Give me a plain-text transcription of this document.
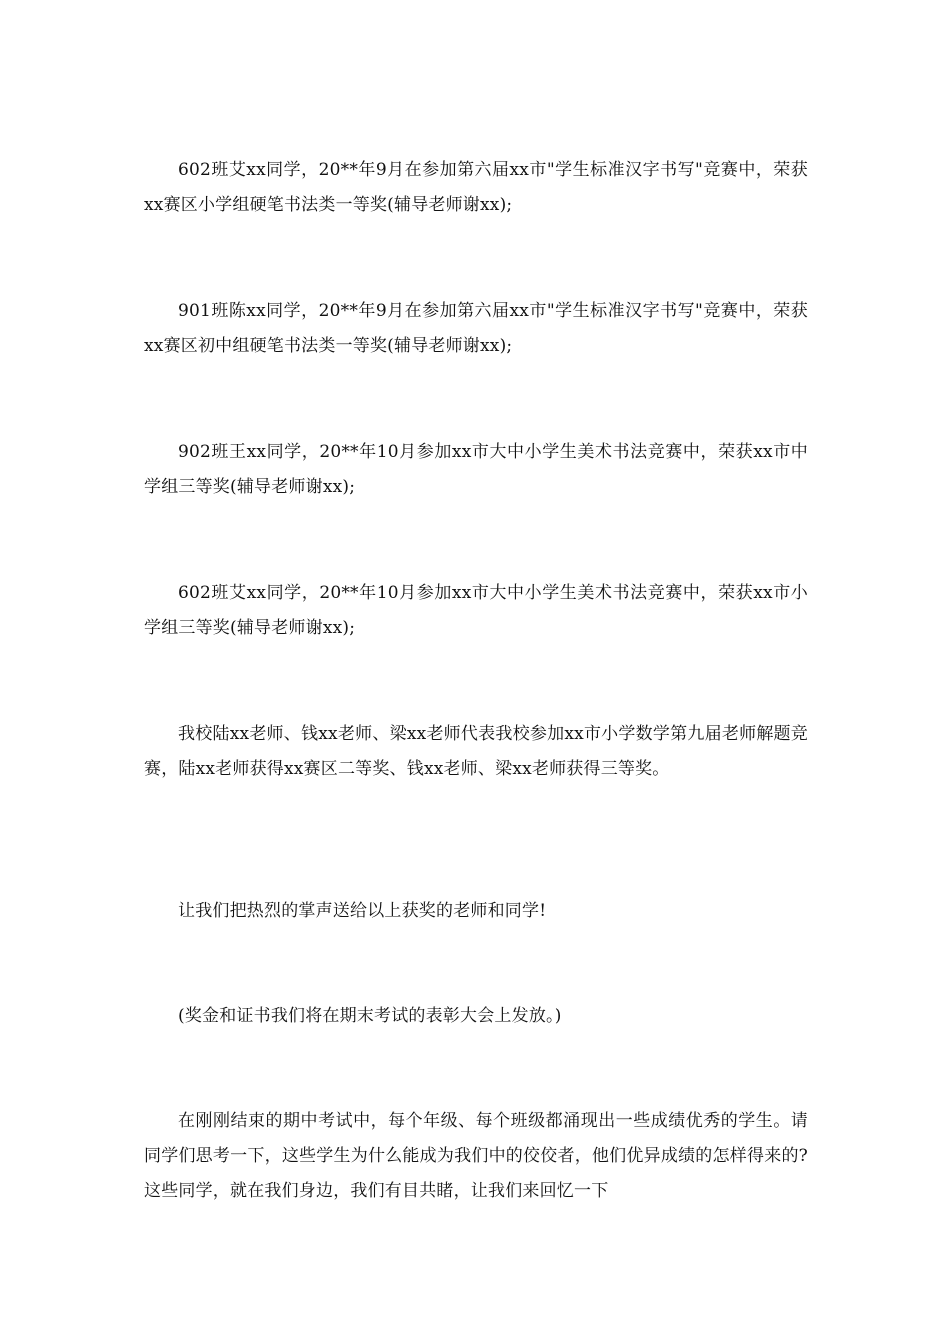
602班艾xx同学，20**年9月在参加第六届xx市"学生标准汉字书写"竞赛中，荣获xx赛区小学组硬笔书法类一等奖(辅导老师谢xx);

901班陈xx同学，20**年9月在参加第六届xx市"学生标准汉字书写"竞赛中，荣获xx赛区初中组硬笔书法类一等奖(辅导老师谢xx);

902班王xx同学，20**年10月参加xx市大中小学生美术书法竞赛中，荣获xx市中学组三等奖(辅导老师谢xx);

602班艾xx同学，20**年10月参加xx市大中小学生美术书法竞赛中，荣获xx市小学组三等奖(辅导老师谢xx);

我校陆xx老师、钱xx老师、梁xx老师代表我校参加xx市小学数学第九届老师解题竞赛，陆xx老师获得xx赛区二等奖、钱xx老师、梁xx老师获得三等奖。

让我们把热烈的掌声送给以上获奖的老师和同学!

(奖金和证书我们将在期末考试的表彰大会上发放。)

在刚刚结束的期中考试中，每个年级、每个班级都涌现出一些成绩优秀的学生。请同学们思考一下，这些学生为什么能成为我们中的佼佼者，他们优异成绩的怎样得来的?这些同学，就在我们身边，我们有目共睹，让我们来回忆一下
